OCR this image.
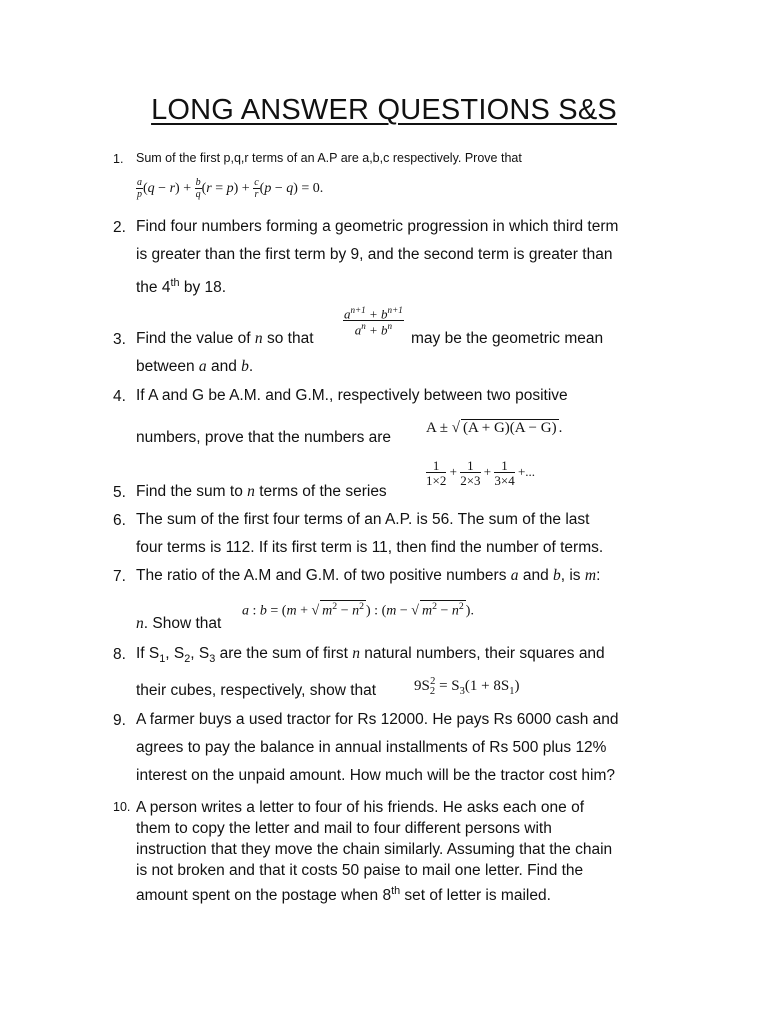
LONG ANSWER QUESTIONS S&S
1. Sum of the first p,q,r terms of an A.P are a,b,c respectively. Prove that
$\frac{a}{p} (q - r) + \frac{b}{q} (r = p) + \frac{c}{r} (p - q) = 0$.
2. Find four numbers forming a geometric progression in which third term
is greater than the first term by 9, and the second term is greater than
the 4th by 18.
3. Find the value of n so that
$\frac{a^{n+1} + b^{n+1}}{a^n + b^n}$
may be the geometric mean
between a and b.
4. If A and G be A.M. and G.M., respectively between two positive
numbers, prove that the numbers are
A ± √ (A + G)(A − G) .
5. Find the sum to n terms of the series
$\frac{1}{1\times 2} + \frac{1}{2\times 3} + \frac{1}{3\times 4}$ +...
6. The sum of the first four terms of an A.P. is 56. The sum of the last
four terms is 112. If its first term is 11, then find the number of terms.
7. The ratio of the A.M and G.M. of two positive numbers a and b, is m:
n. Show that
a : b = (m + √ $m^2 - n^2$ ) : (m − √ $m^2 - n^2$ ).
8. If $S_1$, $S_2$, $S_3$ are the sum of first n natural numbers, their squares and
their cubes, respectively, show that	$9S_2^2 = S_3(1 + 8S_1)$
9. A farmer buys a used tractor for Rs 12000. He pays Rs 6000 cash and
agrees to pay the balance in annual installments of Rs 500 plus 12%
interest on the unpaid amount. How much will be the tractor cost him?
10. A person writes a letter to four of his friends. He asks each one of
them to copy the letter and mail to four different persons with
instruction that they move the chain similarly. Assuming that the chain
is not broken and that it costs 50 paise to mail one letter. Find the
amount spent on the postage when 8th set of letter is mailed.
